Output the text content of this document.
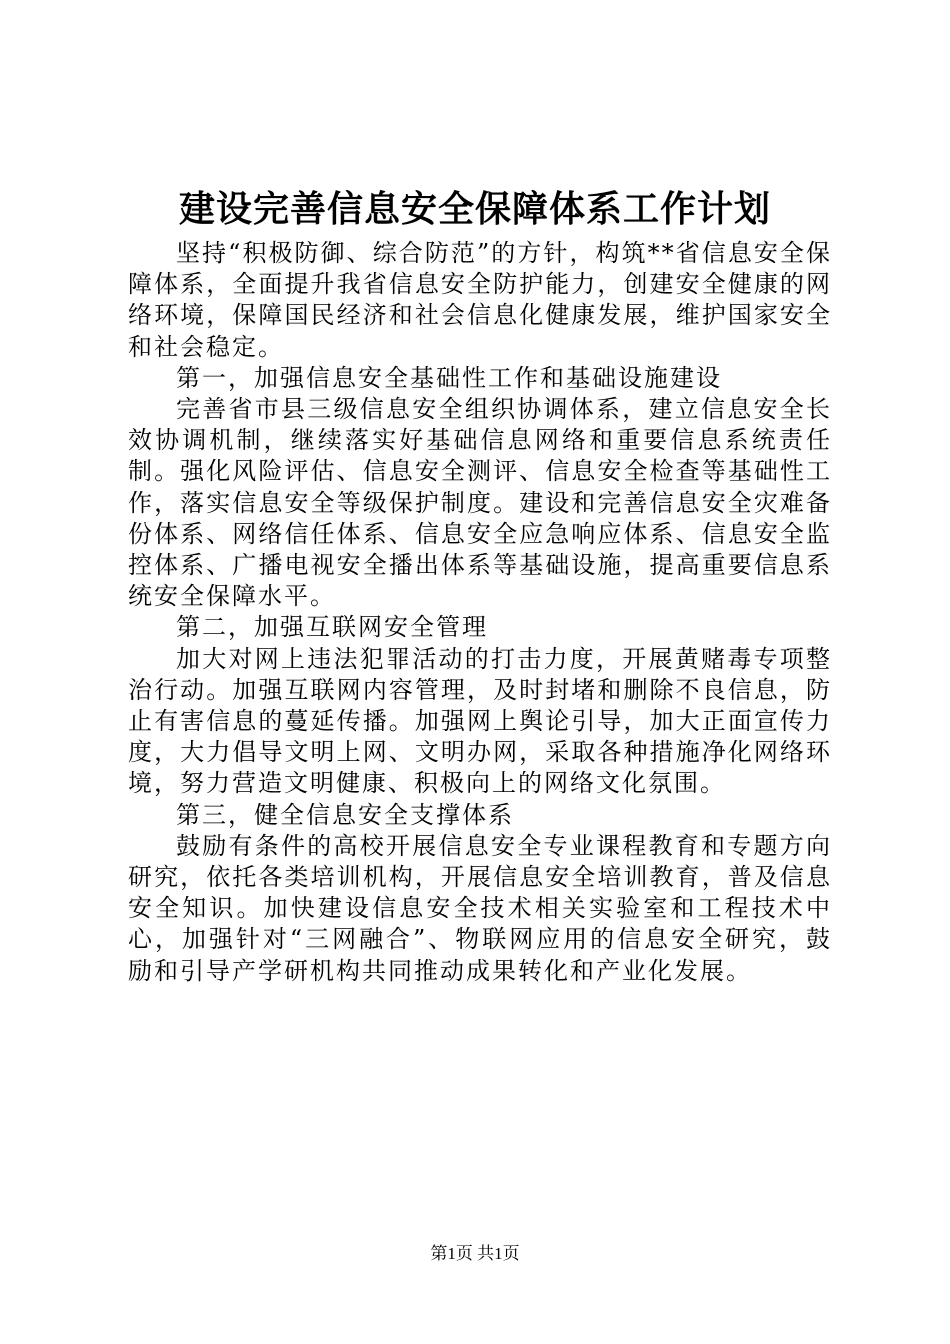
建设完善信息安全保障体系工作计划

坚持“积极防御、综合防范”的方针，构筑**省信息安全保障体系，全面提升我省信息安全防护能力，创建安全健康的网络环境，保障国民经济和社会信息化健康发展，维护国家安全和社会稳定。

第一，加强信息安全基础性工作和基础设施建设

完善省市县三级信息安全组织协调体系，建立信息安全长效协调机制，继续落实好基础信息网络和重要信息系统责任制。强化风险评估、信息安全测评、信息安全检查等基础性工作，落实信息安全等级保护制度。建设和完善信息安全灾难备份体系、网络信任体系、信息安全应急响应体系、信息安全监控体系、广播电视安全播出体系等基础设施，提高重要信息系统安全保障水平。

第二，加强互联网安全管理

加大对网上违法犯罪活动的打击力度，开展黄赌毒专项整治行动。加强互联网内容管理，及时封堵和删除不良信息，防止有害信息的蔓延传播。加强网上舆论引导，加大正面宣传力度，大力倡导文明上网、文明办网，采取各种措施净化网络环境，努力营造文明健康、积极向上的网络文化氛围。

第三，健全信息安全支撑体系

鼓励有条件的高校开展信息安全专业课程教育和专题方向研究，依托各类培训机构，开展信息安全培训教育，普及信息安全知识。加快建设信息安全技术相关实验室和工程技术中心，加强针对“三网融合”、物联网应用的信息安全研究，鼓励和引导产学研机构共同推动成果转化和产业化发展。

第1页 共1页
